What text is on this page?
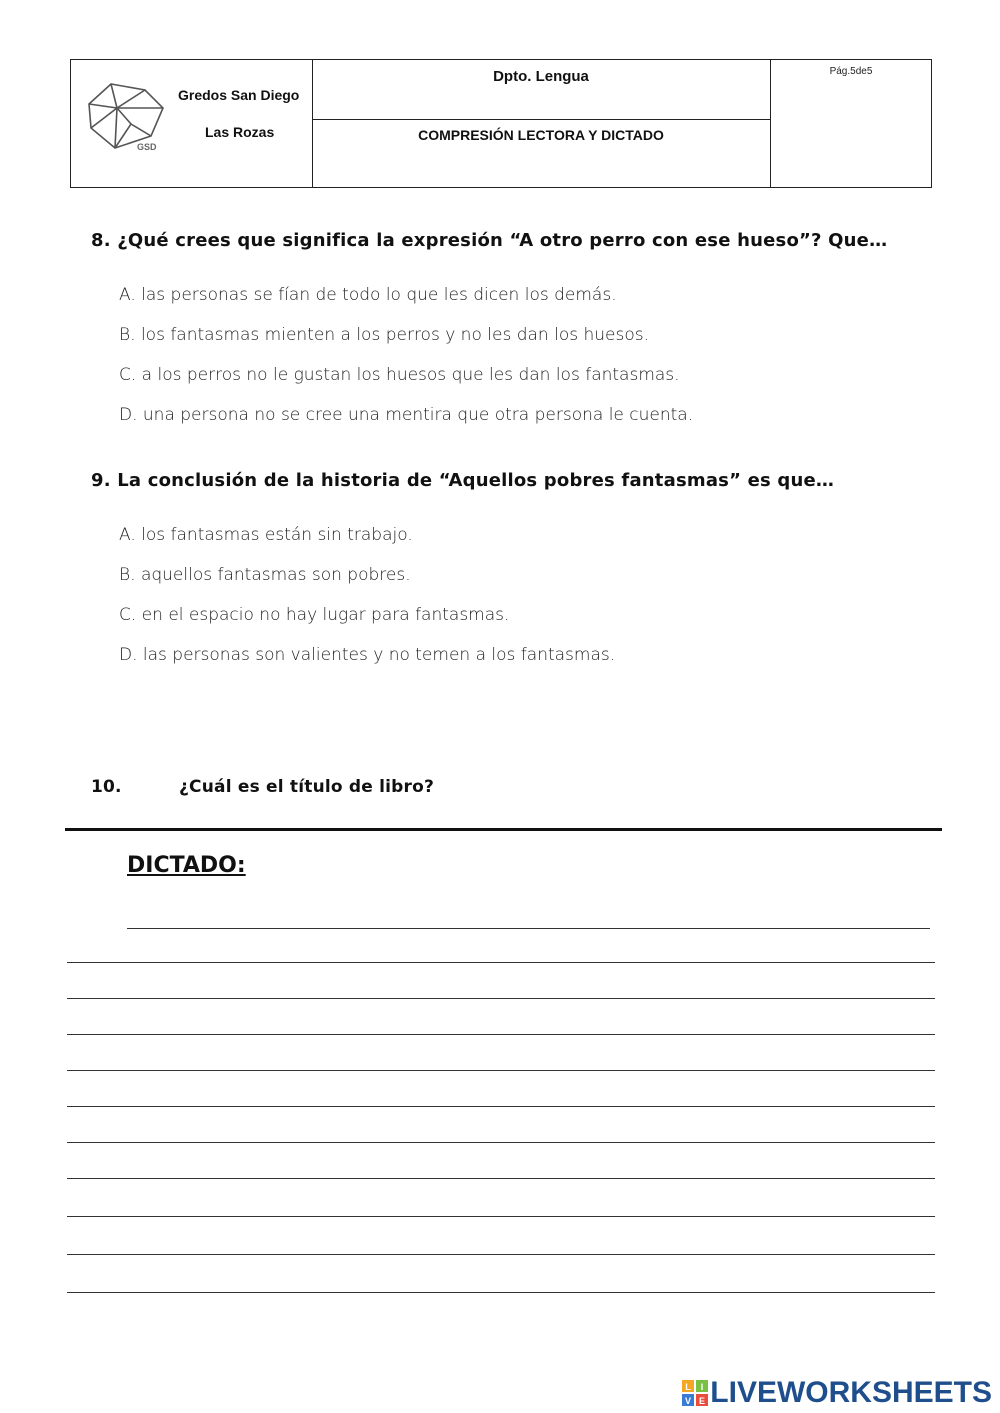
GSD
Gredos San Diego
Las Rozas
Dpto. Lengua
COMPRESIÓN LECTORA Y DICTADO
Pág.5de5
8. ¿Qué crees que significa la expresión “A otro perro con ese hueso”? Que…
A. las personas se fían de todo lo que les dicen los demás.
B. los fantasmas mienten a los perros y no les dan los huesos.
C. a los perros no le gustan los huesos que les dan los fantasmas.
D. una persona no se cree una mentira que otra persona le cuenta.
9. La conclusión de la historia de “Aquellos pobres fantasmas” es que…
A. los fantasmas están sin trabajo.
B. aquellos fantasmas son pobres.
C. en el espacio no hay lugar para fantasmas.
D. las personas son valientes y no temen a los fantasmas.
10.	¿Cuál es el título de libro?
DICTADO:
L I
V E LIVEWORKSHEETS
